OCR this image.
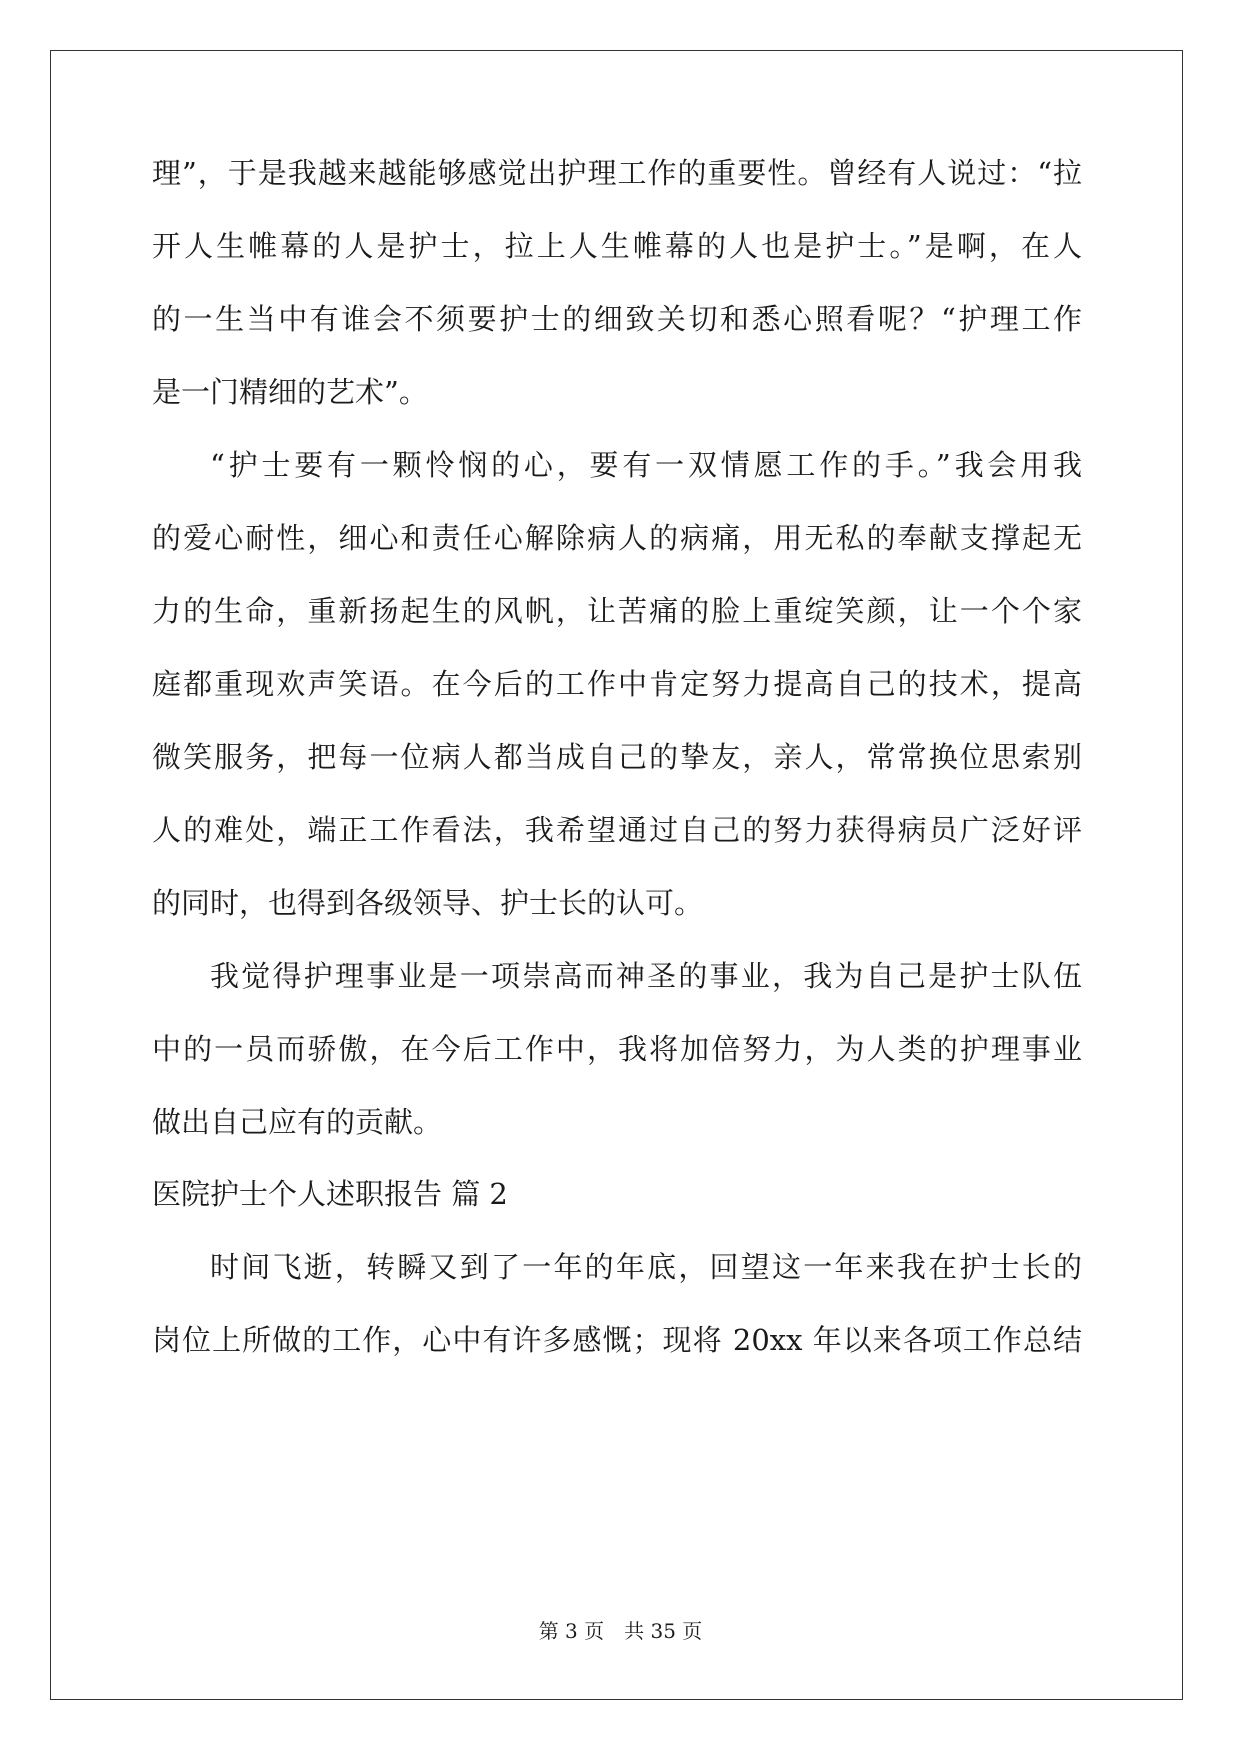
理”，于是我越来越能够感觉出护理工作的重要性。曾经有人说过：“拉
开人生帷幕的人是护士，拉上人生帷幕的人也是护士。”是啊，在人
的一生当中有谁会不须要护士的细致关切和悉心照看呢？“护理工作
是一门精细的艺术”。
“护士要有一颗怜悯的心，要有一双情愿工作的手。”我会用我
的爱心耐性，细心和责任心解除病人的病痛，用无私的奉献支撑起无
力的生命，重新扬起生的风帆，让苦痛的脸上重绽笑颜，让一个个家
庭都重现欢声笑语。在今后的工作中肯定努力提高自己的技术，提高
微笑服务，把每一位病人都当成自己的挚友，亲人，常常换位思索别
人的难处，端正工作看法，我希望通过自己的努力获得病员广泛好评
的同时，也得到各级领导、护士长的认可。
我觉得护理事业是一项崇高而神圣的事业，我为自己是护士队伍
中的一员而骄傲，在今后工作中，我将加倍努力，为人类的护理事业
做出自己应有的贡献。
医院护士个人述职报告 篇 2
时间飞逝，转瞬又到了一年的年底，回望这一年来我在护士长的
岗位上所做的工作，心中有许多感慨；现将 20xx 年以来各项工作总结
第 3 页　共 35 页
